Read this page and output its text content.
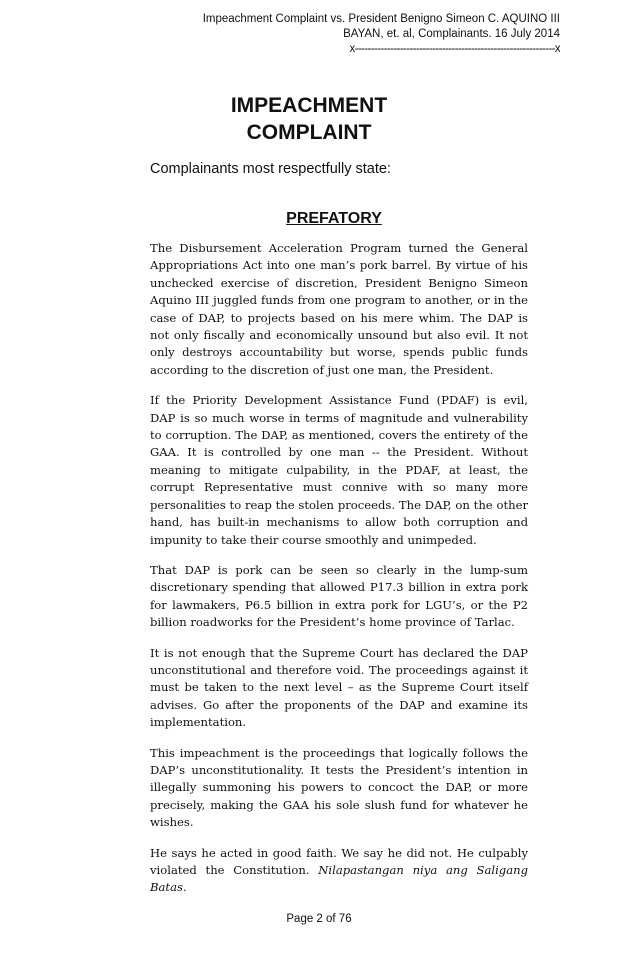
Impeachment Complaint vs. President Benigno Simeon C. AQUINO III
BAYAN, et. al, Complainants. 16 July 2014
x--------------------------------------------------------------x
IMPEACHMENT
COMPLAINT
Complainants most respectfully state:
PREFATORY

The Disbursement Acceleration Program turned the General Appropriations Act into one man’s pork barrel. By virtue of his unchecked exercise of discretion, President Benigno Simeon Aquino III juggled funds from one program to another, or in the case of DAP, to projects based on his mere whim. The DAP is not only fiscally and economically unsound but also evil. It not only destroys accountability but worse, spends public funds according to the discretion of just one man, the President.

If the Priority Development Assistance Fund (PDAF) is evil, DAP is so much worse in terms of magnitude and vulnerability to corruption. The DAP, as mentioned, covers the entirety of the GAA. It is controlled by one man -- the President. Without meaning to mitigate culpability, in the PDAF, at least, the corrupt Representative must connive with so many more personalities to reap the stolen proceeds. The DAP, on the other hand, has built-in mechanisms to allow both corruption and impunity to take their course smoothly and unimpeded.

That DAP is pork can be seen so clearly in the lump-sum discretionary spending that allowed P17.3 billion in extra pork for lawmakers, P6.5 billion in extra pork for LGU’s, or the P2 billion roadworks for the President’s home province of Tarlac.

It is not enough that the Supreme Court has declared the DAP unconstitutional and therefore void. The proceedings against it must be taken to the next level – as the Supreme Court itself advises. Go after the proponents of the DAP and examine its implementation.

This impeachment is the proceedings that logically follows the DAP’s unconstitutionality. It tests the President’s intention in illegally summoning his powers to concoct the DAP, or more precisely, making the GAA his sole slush fund for whatever he wishes.

He says he acted in good faith. We say he did not. He culpably violated the Constitution. Nilapastangan niya ang Saligang Batas.

Page 2 of 76
